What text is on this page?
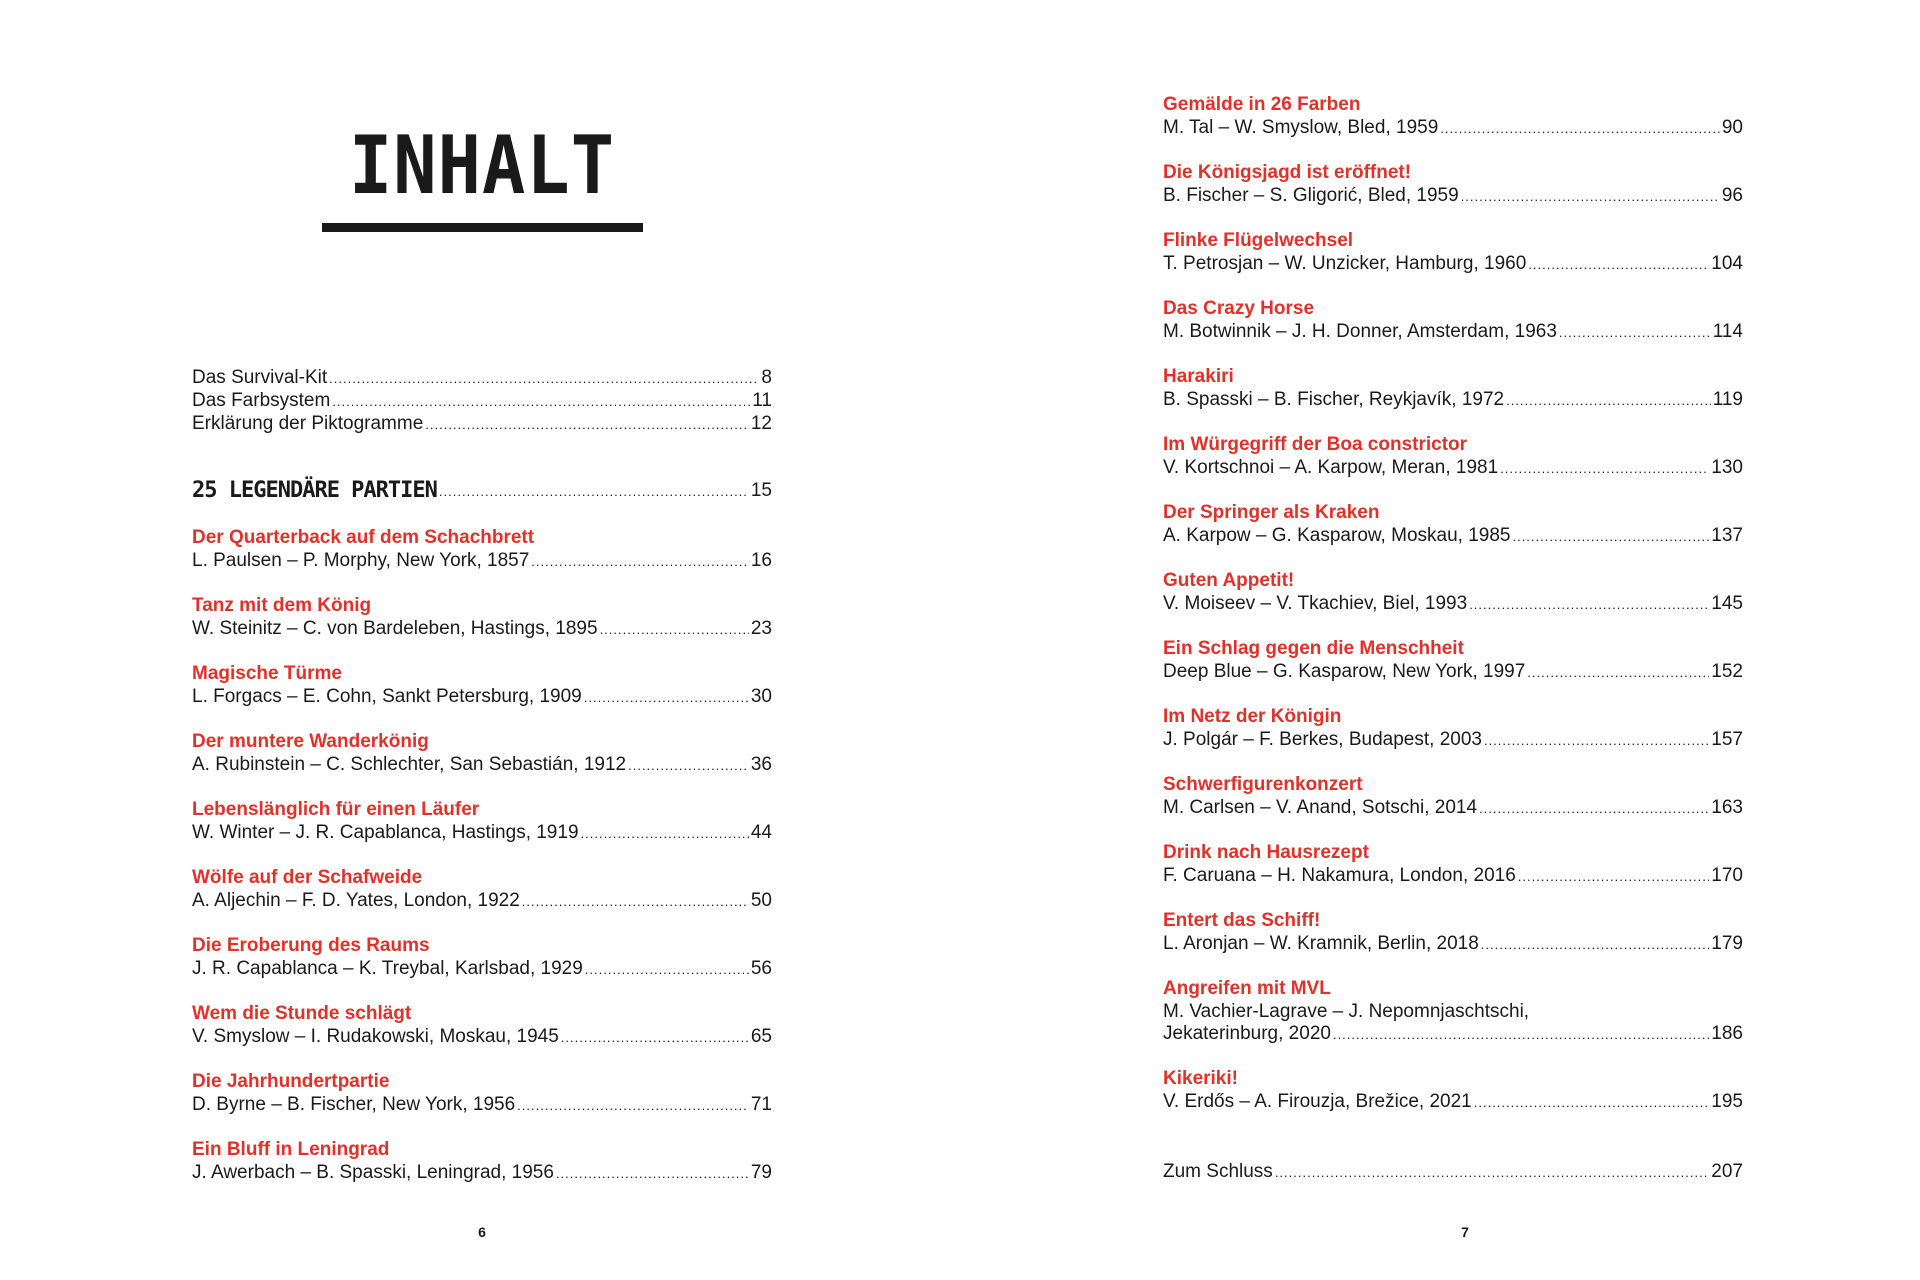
INHALT
Das Survival-Kit .....	8
Das Farbsystem .....	11
Erklärung der Piktogramme .....	12
25 LEGENDÄRE PARTIEN .....	15
Der Quarterback auf dem Schachbrett
L. Paulsen – P. Morphy, New York, 1857 .....	16
Tanz mit dem König
W. Steinitz – C. von Bardeleben, Hastings, 1895 .....	23
Magische Türme
L. Forgacs – E. Cohn, Sankt Petersburg, 1909 .....	30
Der muntere Wanderkönig
A. Rubinstein – C. Schlechter, San Sebastián, 1912 .....	36
Lebenslänglich für einen Läufer
W. Winter – J. R. Capablanca, Hastings, 1919 .....	44
Wölfe auf der Schafweide
A. Aljechin – F. D. Yates, London, 1922 .....	50
Die Eroberung des Raums
J. R. Capablanca – K. Treybal, Karlsbad, 1929 .....	56
Wem die Stunde schlägt
V. Smyslow – I. Rudakowski, Moskau, 1945 .....	65
Die Jahrhundertpartie
D. Byrne – B. Fischer, New York, 1956 .....	71
Ein Bluff in Leningrad
J. Awerbach – B. Spasski, Leningrad, 1956 .....	79
6
Gemälde in 26 Farben
M. Tal – W. Smyslow, Bled, 1959 .....	90
Die Königsjagd ist eröffnet!
B. Fischer – S. Gligorić, Bled, 1959 .....	96
Flinke Flügelwechsel
T. Petrosjan – W. Unzicker, Hamburg, 1960 .....	104
Das Crazy Horse
M. Botwinnik – J. H. Donner, Amsterdam, 1963 .....	114
Harakiri
B. Spasski – B. Fischer, Reykjavík, 1972 .....	119
Im Würgegriff der Boa constrictor
V. Kortschnoi – A. Karpow, Meran, 1981 .....	130
Der Springer als Kraken
A. Karpow – G. Kasparow, Moskau, 1985 .....	137
Guten Appetit!
V. Moiseev – V. Tkachiev, Biel, 1993 .....	145
Ein Schlag gegen die Menschheit
Deep Blue – G. Kasparow, New York, 1997 .....	152
Im Netz der Königin
J. Polgár – F. Berkes, Budapest, 2003 .....	157
Schwerfigurenkonzert
M. Carlsen – V. Anand, Sotschi, 2014 .....	163
Drink nach Hausrezept
F. Caruana – H. Nakamura, London, 2016 .....	170
Entert das Schiff!
L. Aronjan – W. Kramnik, Berlin, 2018 .....	179
Angreifen mit MVL
M. Vachier-Lagrave – J. Nepomnjaschtschi,
Jekaterinburg, 2020 .....	186
Kikeriki!
V. Erdős – A. Firouzja, Brežice, 2021 .....	195
Zum Schluss .....	207
7
